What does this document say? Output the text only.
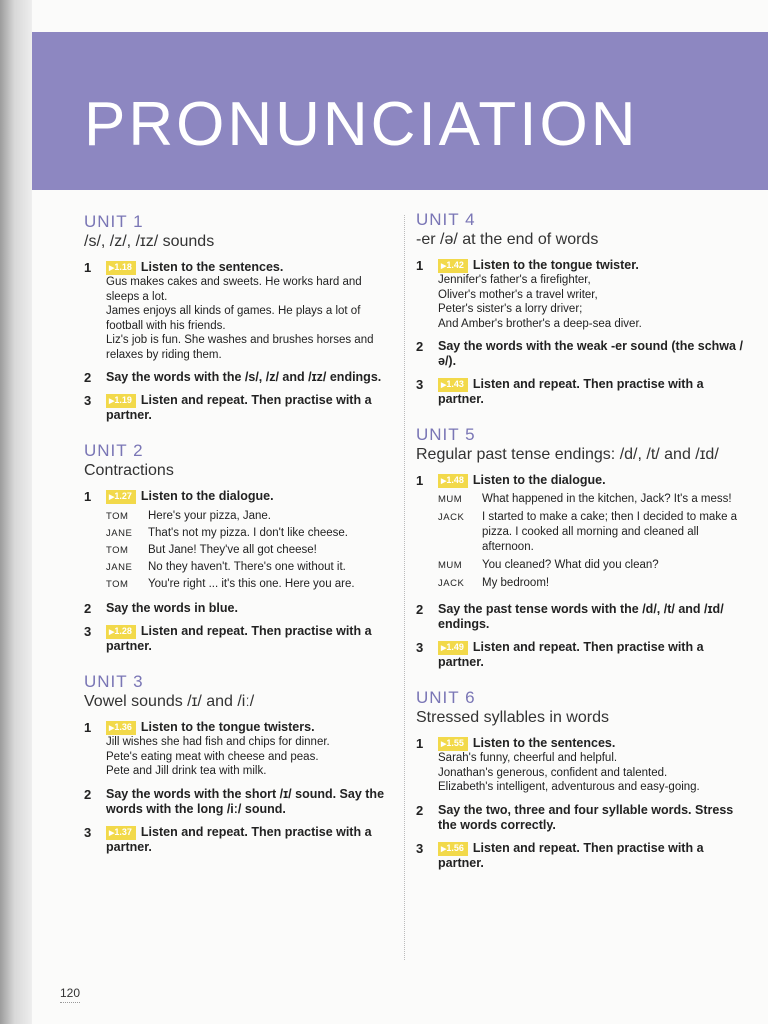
PRONUNCIATION
UNIT 1
/s/, /z/, /ɪz/ sounds
1	▶ 1.18 Listen to the sentences.
Gus makes cakes and sweets. He works hard and
sleeps a lot.
James enjoys all kinds of games. He plays a lot of
football with his friends.
Liz's job is fun. She washes and brushes horses and
relaxes by riding them.
2	Say the words with the /s/, /z/ and /ɪz/ endings.
3	▶ 1.19 Listen and repeat. Then practise with a partner.
UNIT 2
Contractions
1	▶ 1.27 Listen to the dialogue.
TOM	Here's your pizza, Jane.
JANE	That's not my pizza. I don't like cheese.
TOM	But Jane! They've all got cheese!
JANE	No they haven't. There's one without it.
TOM	You're right ... it's this one. Here you are.
2	Say the words in blue.
3	▶ 1.28 Listen and repeat. Then practise with a partner.
UNIT 3
Vowel sounds /ɪ/ and /iː/
1	▶ 1.36 Listen to the tongue twisters.
Jill wishes she had fish and chips for dinner.
Pete's eating meat with cheese and peas.
Pete and Jill drink tea with milk.
2	Say the words with the short /ɪ/ sound. Say the words with the long /iː/ sound.
3	▶ 1.37 Listen and repeat. Then practise with a partner.
UNIT 4
-er /ə/ at the end of words
1	▶ 1.42 Listen to the tongue twister.
Jennifer's father's a firefighter,
Oliver's mother's a travel writer,
Peter's sister's a lorry driver;
And Amber's brother's a deep-sea diver.
2	Say the words with the weak -er sound (the schwa /ə/).
3	▶ 1.43 Listen and repeat. Then practise with a partner.
UNIT 5
Regular past tense endings: /d/, /t/ and /ɪd/
1	▶ 1.48 Listen to the dialogue.
MUM	What happened in the kitchen, Jack? It's a mess!
JACK	I started to make a cake; then I decided to make a pizza. I cooked all morning and cleaned all afternoon.
MUM	You cleaned? What did you clean?
JACK	My bedroom!
2	Say the past tense words with the /d/, /t/ and /ɪd/ endings.
3	▶ 1.49 Listen and repeat. Then practise with a partner.
UNIT 6
Stressed syllables in words
1	▶ 1.55 Listen to the sentences.
Sarah's funny, cheerful and helpful.
Jonathan's generous, confident and talented.
Elizabeth's intelligent, adventurous and easy-going.
2	Say the two, three and four syllable words. Stress the words correctly.
3	▶ 1.56 Listen and repeat. Then practise with a partner.
120
